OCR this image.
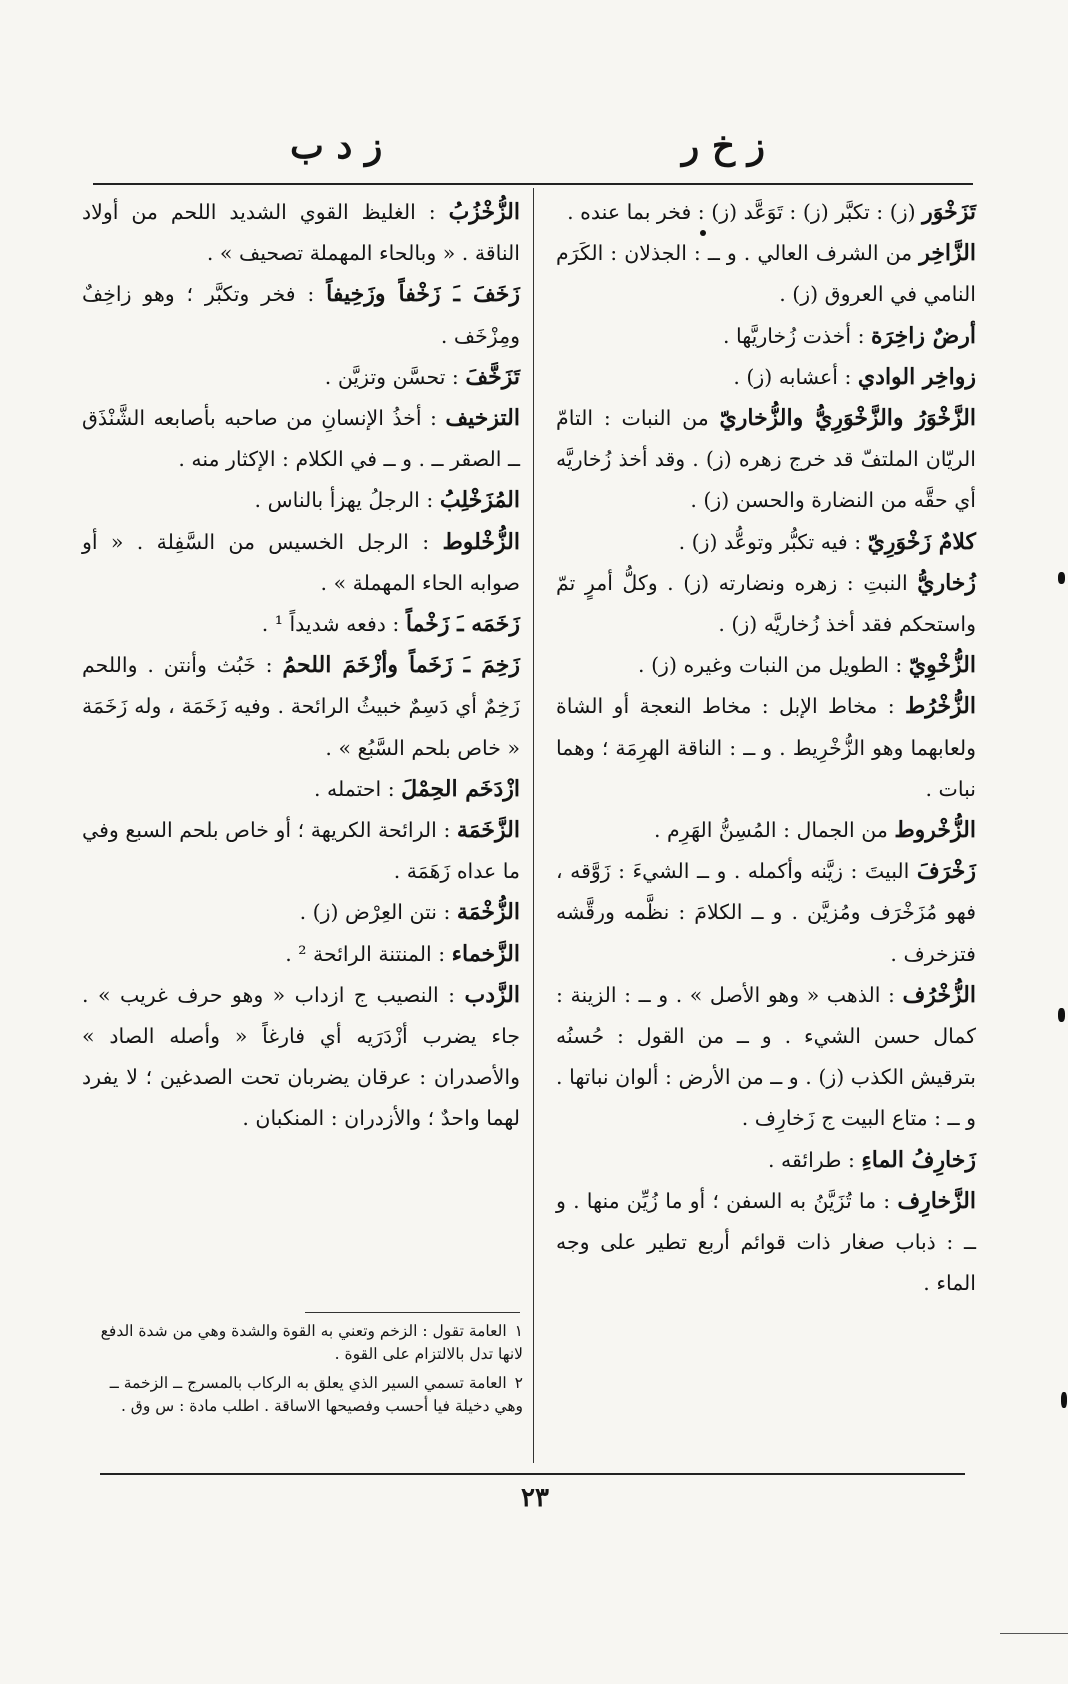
ز خ ر
ز د ب

تَزَخْوَر (ز) : تكبَّر (ز) : تَوَعَّد (ز) : فخر بما عنده .

الزَّاخِر من الشرف العالي . و ــ : الجذلان : الكَرَم النامي في العروق (ز) .

أرضٌ زاخِرَة : أخذت زُخاريَّها .

زواخِر الوادي : أعشابه (ز) .

الزَّخْوَرُ والزَّخْوَرِيُّ والزُّخاريّ من النبات : التامّ الريّان الملتفّ قد خرج زهره (ز) . وقد أخذ زُخاريَّه أي حقَّه من النضارة والحسن (ز) .

كلامٌ زَخْوَرِيّ : فيه تكبُّر وتوعُّد (ز) .

زُخاريُّ النبتِ : زهره ونضارته (ز) . وكلُّ أمرٍ تمّ واستحكم فقد أخذ زُخاريَّه (ز) .

الزُّخْوِيّ : الطويل من النبات وغيره (ز) .

الزُّخْرُط : مخاط الإبل : مخاط النعجة أو الشاة ولعابهما وهو الزُّخْرِيط . و ــ : الناقة الهرِمَة ؛ وهما نبات .

الزُّخْروط من الجمال : المُسِنُّ الهَرِم .

زَخْرَفَ البيتَ : زيَّنه وأكمله . و ــ الشيءَ : زَوَّقه ، فهو مُزَخْرَف ومُزيَّن . و ــ الكلامَ : نظَّمه ورقَّشه فتزخرف .

الزُّخْرُف : الذهب « وهو الأصل » . و ــ : الزينة : كمال حسن الشيء . و ــ من القول : حُسنُه بترقيش الكذب (ز) . و ــ من الأرض : ألوان نباتها . و ــ : متاع البيت ج زَخارِف .

زَخارِفُ الماءِ : طرائقه .

الزَّخارِف : ما تُزَيَّنُ به السفن ؛ أو ما زُيِّن منها . و ــ : ذباب صغار ذات قوائم أربع تطير على وجه الماء .

الزُّخْزُبُ : الغليظ القوي الشديد اللحم من أولاد الناقة . « وبالحاء المهملة تصحيف » .

زَخَفَ ـَ زَخْفاً وزَخِيفاً : فخر وتكبَّر ؛ وهو زاخِفٌ ومِزْخَف .

تَزَخَّفَ : تحسَّن وتزيَّن .

التزخيف : أخذُ الإنسانِ من صاحبه بأصابعه الشَّنْذَق ــ الصقر ــ . و ــ في الكلام : الإكثار منه .

المُزَخْلِبُ : الرجلُ يهزأ بالناس .

الزُّخْلوط : الرجل الخسيس من السَّفِلة . « أو صوابه الحاء المهملة » .

زَخَمَه ـَ زَخْماً : دفعه شديداً ¹ .

زَخِمَ ـَ زَخَماً وأزْخَمَ اللحمُ : خَبُث وأنتن . واللحم زَخِمٌ أي دَسِمٌ خبيثُ الرائحة . وفيه زَخَمَة ، وله زَخَمَة « خاص بلحم السَّبُع » .

ازْدَخَم الحِمْلَ : احتمله .

الزَّخَمَة : الرائحة الكريهة ؛ أو خاص بلحم السبع وفي ما عداه زَهَمَة .

الزُّخْمَة : نتن العِرْض (ز) .

الزَّخماء : المنتنة الرائحة ² .

الزَّدب : النصيب ج ازداب « وهو حرف غريب » . جاء يضرب أزْدَرَيه أي فارغاً « وأصله الصاد » والأصدران : عرقان يضربان تحت الصدغين ؛ لا يفرد لهما واحدٌ ؛ والأزدران : المنكبان .

١العامة تقول : الزخم وتعني به القوة والشدة وهي من شدة الدفع لانها تدل بالالتزام على القوة .

٢العامة تسمي السير الذي يعلق به الركاب بالمسرج ــ الزخمة ــ وهي دخيلة فيا أحسب وفصيحها الاساقة . اطلب مادة : س وق .

٢٣
